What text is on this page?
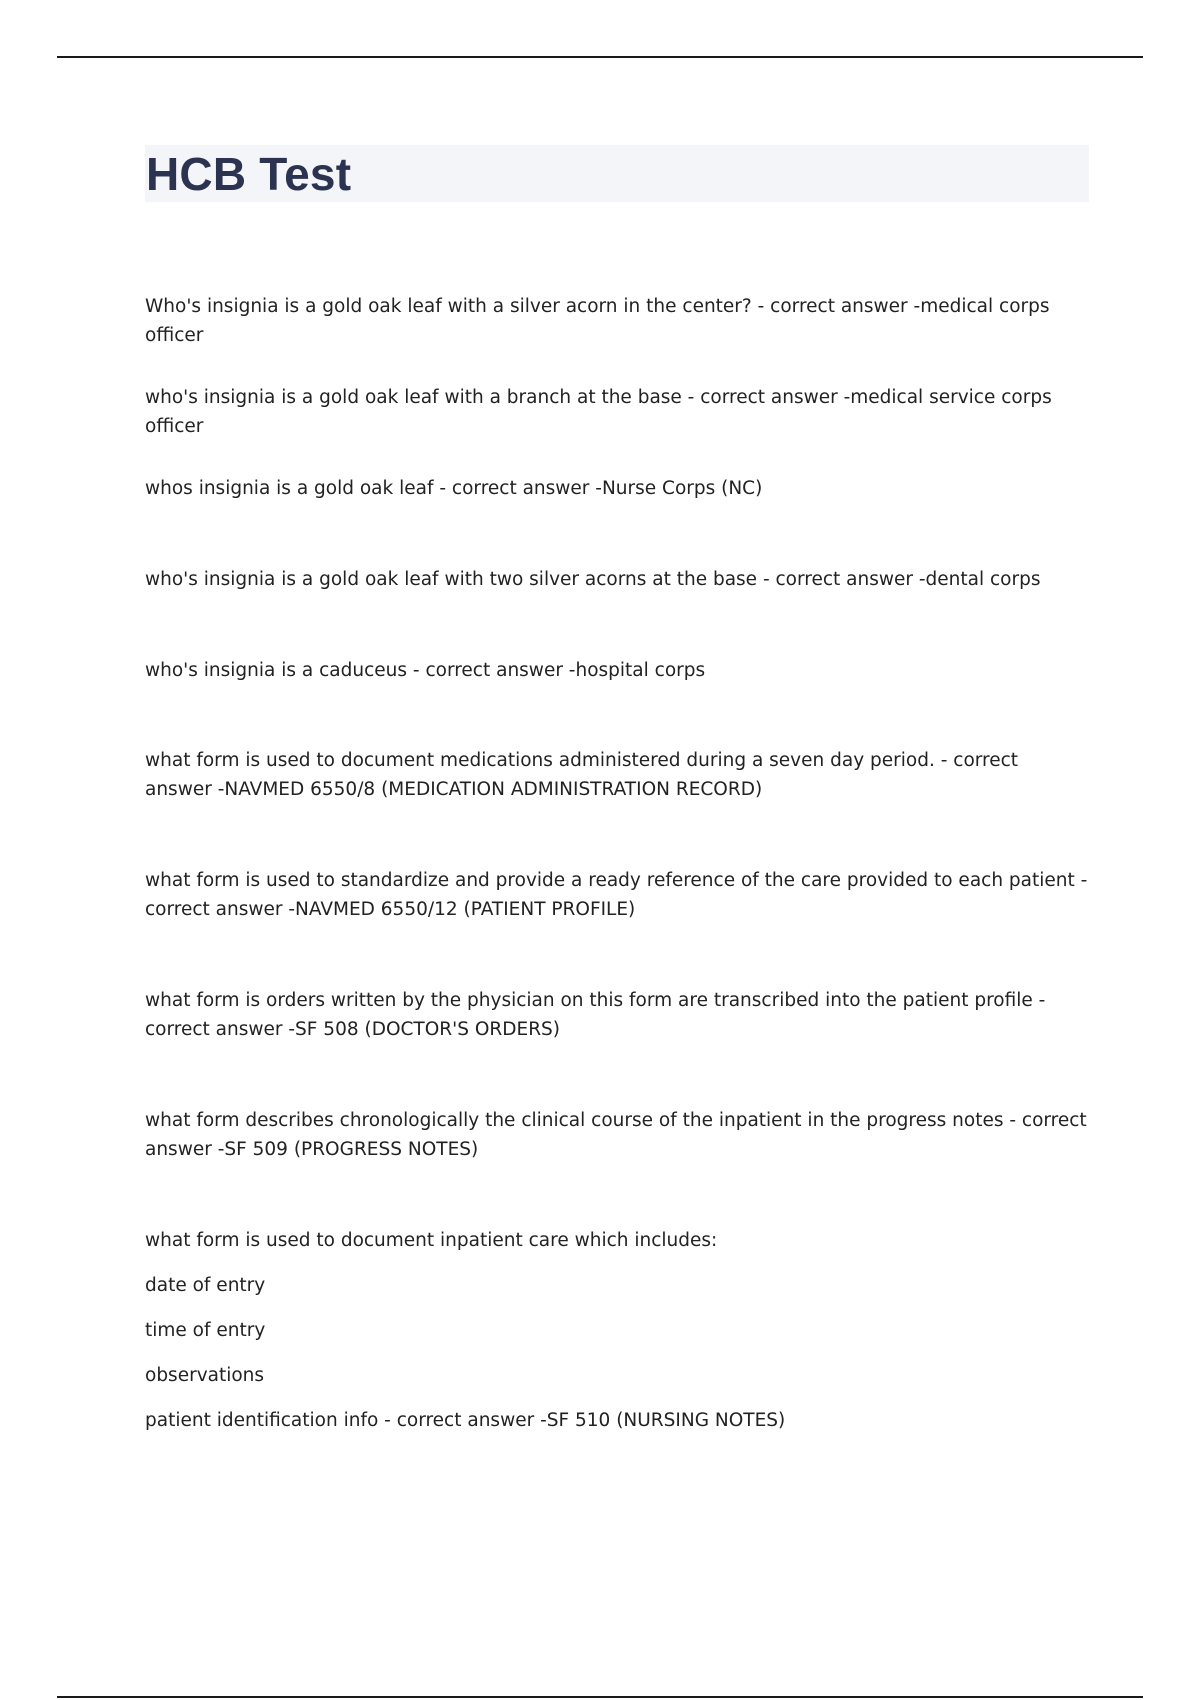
HCB Test

Who's insignia is a gold oak leaf with a silver acorn in the center? - correct answer -medical corps officer

who's insignia is a gold oak leaf with a branch at the base - correct answer -medical service corps officer

whos insignia is a gold oak leaf - correct answer -Nurse Corps (NC)

who's insignia is a gold oak leaf with two silver acorns at the base - correct answer -dental corps

who's insignia is a caduceus - correct answer -hospital corps

what form is used to document medications administered during a seven day period. - correct answer -NAVMED 6550/8 (MEDICATION ADMINISTRATION RECORD)

what form is used to standardize and provide a ready reference of the care provided to each patient - correct answer -NAVMED 6550/12 (PATIENT PROFILE)

what form is orders written by the physician on this form are transcribed into the patient profile - correct answer -SF 508 (DOCTOR'S ORDERS)

what form describes chronologically the clinical course of the inpatient in the progress notes - correct answer -SF 509 (PROGRESS NOTES)

what form is used to document inpatient care which includes:

date of entry

time of entry

observations

patient identification info - correct answer -SF 510 (NURSING NOTES)
